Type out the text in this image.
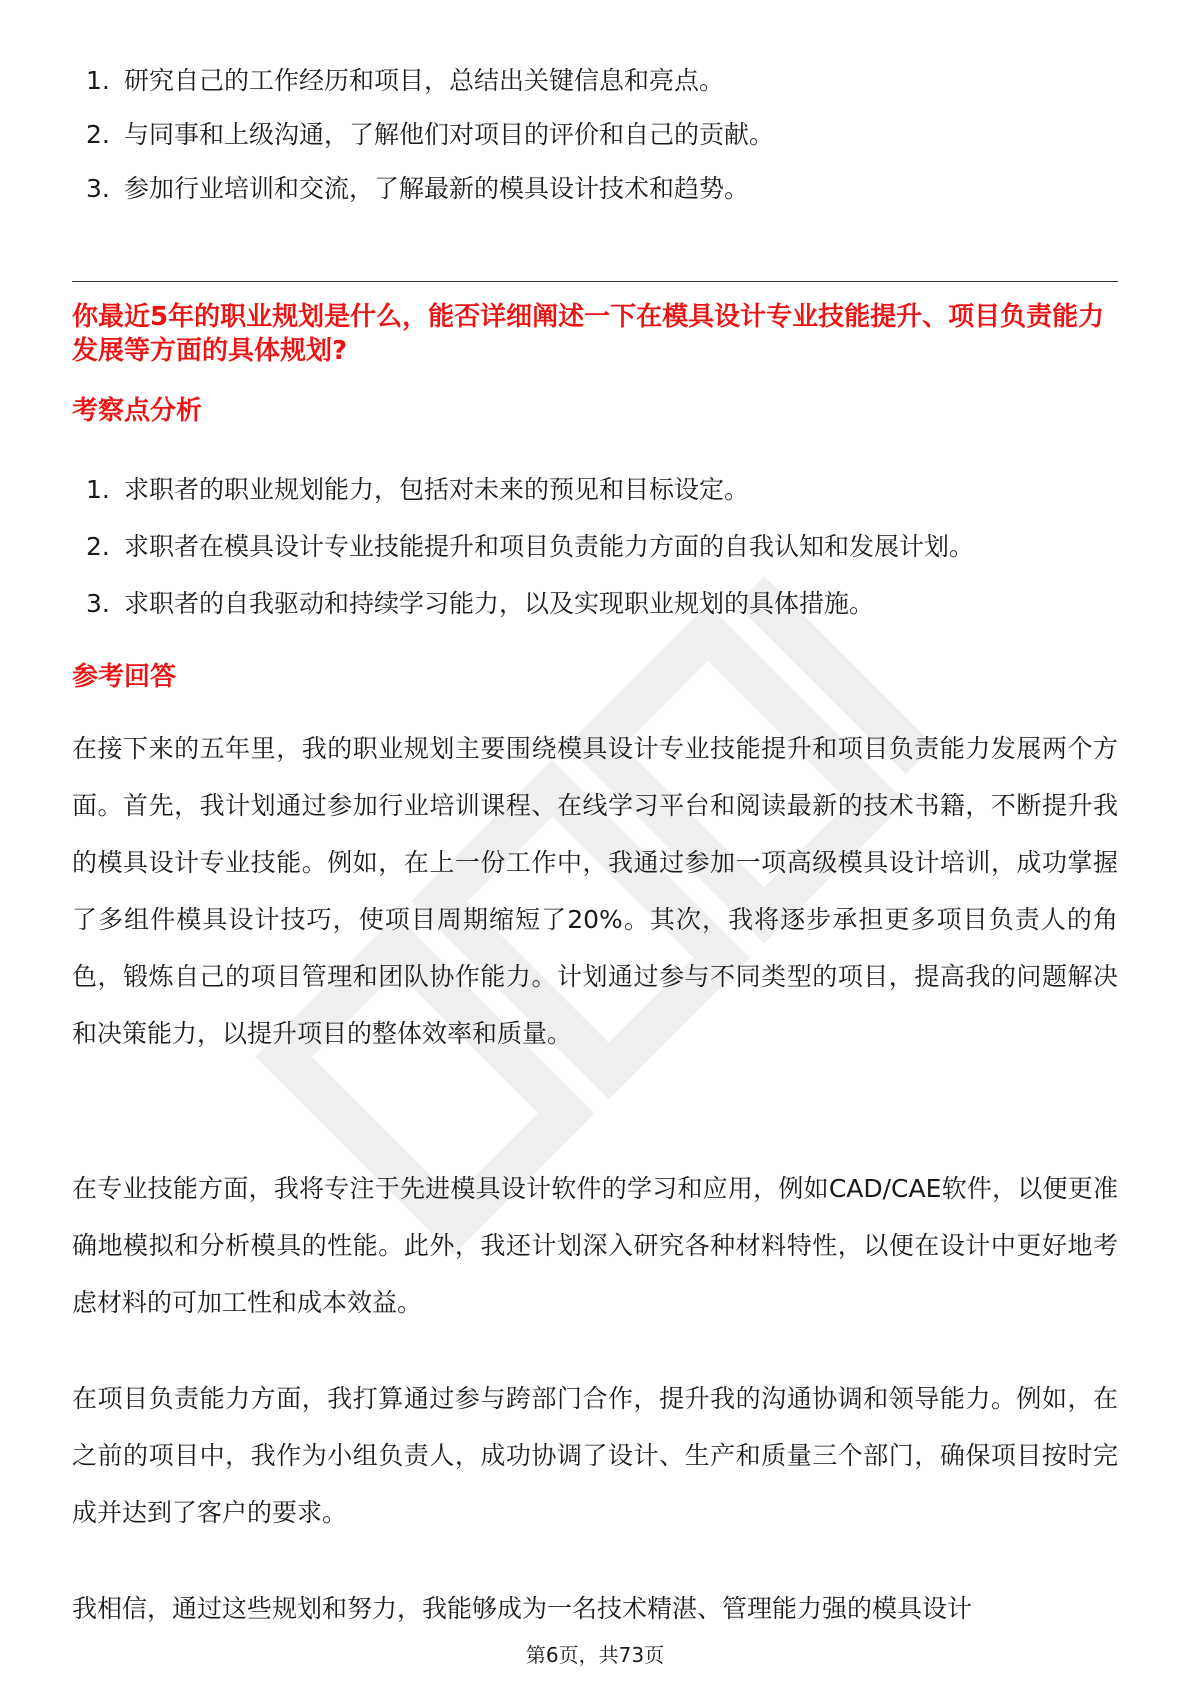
1. 研究自己的工作经历和项目，总结出关键信息和亮点。
2. 与同事和上级沟通，了解他们对项目的评价和自己的贡献。
3. 参加行业培训和交流，了解最新的模具设计技术和趋势。
你最近5年的职业规划是什么，能否详细阐述一下在模具设计专业技能提升、项目负责能力发展等方面的具体规划?
考察点分析
1. 求职者的职业规划能力，包括对未来的预见和目标设定。
2. 求职者在模具设计专业技能提升和项目负责能力方面的自我认知和发展计划。
3. 求职者的自我驱动和持续学习能力，以及实现职业规划的具体措施。
参考回答

在接下来的五年里，我的职业规划主要围绕模具设计专业技能提升和项目负责能力发展两个方面。首先，我计划通过参加行业培训课程、在线学习平台和阅读最新的技术书籍，不断提升我的模具设计专业技能。例如，在上一份工作中，我通过参加一项高级模具设计培训，成功掌握了多组件模具设计技巧，使项目周期缩短了20%。其次，我将逐步承担更多项目负责人的角色，锻炼自己的项目管理和团队协作能力。计划通过参与不同类型的项目，提高我的问题解决和决策能力，以提升项目的整体效率和质量。

在专业技能方面，我将专注于先进模具设计软件的学习和应用，例如CAD/CAE软件，以便更准确地模拟和分析模具的性能。此外，我还计划深入研究各种材料特性，以便在设计中更好地考虑材料的可加工性和成本效益。

在项目负责能力方面，我打算通过参与跨部门合作，提升我的沟通协调和领导能力。例如，在之前的项目中，我作为小组负责人，成功协调了设计、生产和质量三个部门，确保项目按时完成并达到了客户的要求。

我相信，通过这些规划和努力，我能够成为一名技术精湛、管理能力强的模具设计

第6页，共73页
